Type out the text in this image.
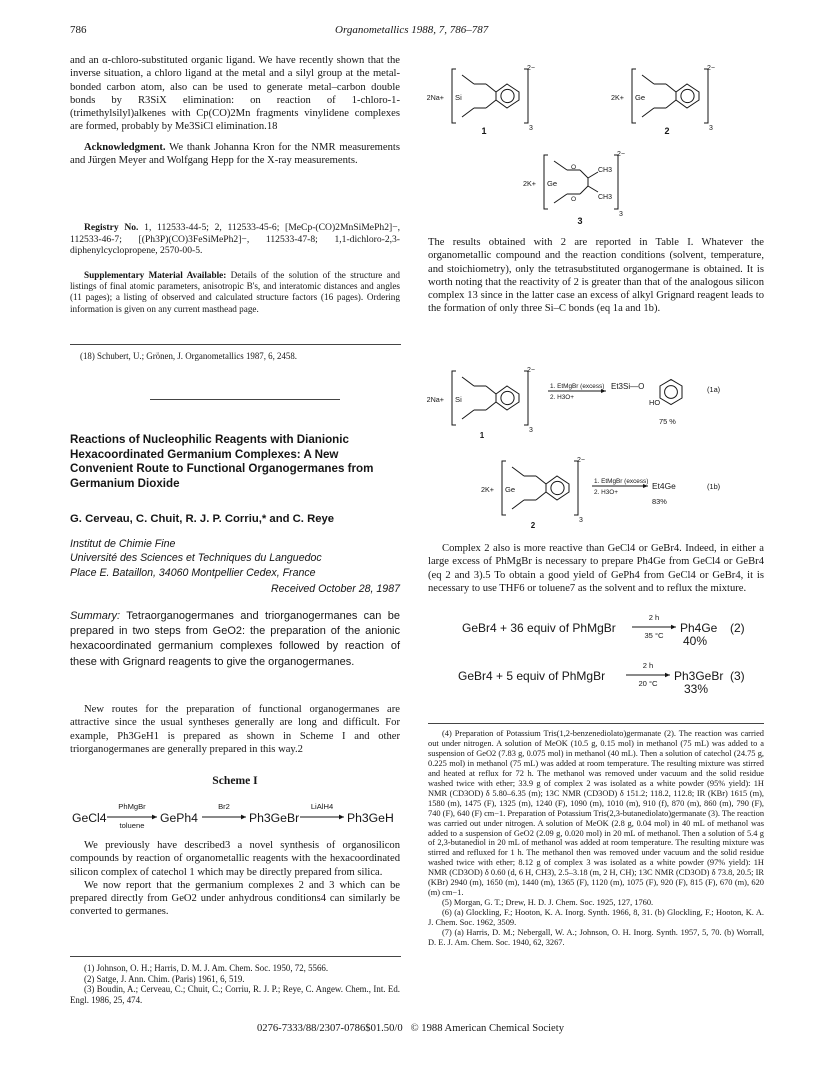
786	Organometallics 1988, 7, 786–787

and an α-chloro-substituted organic ligand. We have recently shown that the inverse situation, a chloro ligand at the metal and a silyl group at the metal-bonded carbon atom, also can be used to generate metal–carbon double bonds by R3SiX elimination: on reaction of 1-chloro-1-(trimethylsilyl)alkenes with Cp(CO)2Mn fragments vinylidene complexes are formed, probably by Me3SiCl elimination.18

Acknowledgment. We thank Johanna Kron for the NMR measurements and Jürgen Meyer and Wolfgang Hepp for the X-ray measurements.

Registry No. 1, 112533-44-5; 2, 112533-45-6; [MeCp-(CO)2MnSiMePh2]−, 112533-46-7; [(Ph3P)(CO)3FeSiMePh2]−, 112533-47-8; 1,1-dichloro-2,3-diphenylcyclopropene, 2570-00-5.

Supplementary Material Available: Details of the solution of the structure and listings of final atomic parameters, anisotropic B's, and interatomic distances and angles (11 pages); a listing of observed and calculated structure factors (16 pages). Ordering information is given on any current masthead page.

(18) Schubert, U.; Grönen, J. Organometallics 1987, 6, 2458.
Reactions of Nucleophilic Reagents with Dianionic Hexacoordinated Germanium Complexes: A New Convenient Route to Functional Organogermanes from Germanium Dioxide
G. Cerveau, C. Chuit, R. J. P. Corriu,* and C. Reye
Institut de Chimie Fine
Université des Sciences et Techniques du Languedoc
Place E. Bataillon, 34060 Montpellier Cedex, France
Received October 28, 1987
Summary: Tetraorganogermanes and triorganogermanes can be prepared in two steps from GeO2: the preparation of the anionic hexacoordinated germanium complexes followed by reaction of these with Grignard reagents to give the organogermanes.

New routes for the preparation of functional organogermanes are attractive since the usual syntheses generally are long and difficult. For example, Ph3GeH1 is prepared as shown in Scheme I and other triorganogermanes are generally prepared in this way.2

Scheme I
GeCl4
PhMgBr
toluene
GePh4
Br2
Ph3GeBr
LiAlH4
Ph3GeH

We previously have described3 a novel synthesis of organosilicon compounds by reaction of organometallic reagents with the hexacoordinated silicon complex of catechol 1 which may be directly prepared from silica.

We now report that the germanium complexes 2 and 3 which can be prepared directly from GeO2 under anhydrous conditions4 can similarly be converted to germanes.

(1) Johnson, O. H.; Harris, D. M. J. Am. Chem. Soc. 1950, 72, 5566.
(2) Satge, J. Ann. Chim. (Paris) 1961, 6, 519.
(3) Boudin, A.; Cerveau, C.; Chuit, C.; Corriu, R. J. P.; Reye, C. Angew. Chem., Int. Ed. Engl. 1986, 25, 474.
2Na+ Si
2−
3
1
2K+ Ge
2−
3
2
2K+ Ge
O
O
CH3
CH3
2−
3
3

The results obtained with 2 are reported in Table I. Whatever the organometallic compound and the reaction conditions (solvent, temperature, and stoichiometry), only the tetrasubstituted organogermane is obtained. It is worth noting that the reactivity of 2 is greater than that of the analogous silicon complex 13 since in the latter case an excess of alkyl Grignard reagent leads to the formation of only three Si–C bonds (eq 1a and 1b).

2Na+ Si
2−
3
1
1. EtMgBr (excess)
2. H3O+
Et3Si—O
HO
(1a)
75 %
2K+ Ge
2−
3
2
1. EtMgBr (excess)
2. H3O+
Et4Ge
83%
(1b)

Complex 2 also is more reactive than GeCl4 or GeBr4. Indeed, in either a large excess of PhMgBr is necessary to prepare Ph4Ge from GeCl4 or GeBr4 (eq 2 and 3).5 To obtain a good yield of GePh4 from GeCl4 or GeBr4, it is necessary to use THF6 or toluene7 as the solvent and to reflux the mixture.

GeBr4 + 36 equiv of PhMgBr
2 h
35 °C
Ph4Ge
40%
(2)
GeBr4 + 5 equiv of PhMgBr
2 h
20 °C
Ph3GeBr
33%
(3)
(4) Preparation of Potassium Tris(1,2-benzenediolato)germanate (2). The reaction was carried out under nitrogen. A solution of MeOK (10.5 g, 0.15 mol) in methanol (75 mL) was added to a suspension of GeO2 (7.83 g, 0.075 mol) in methanol (40 mL). Then a solution of catechol (24.75 g, 0.225 mol) in methanol (75 mL) was added at room temperature. The resulting mixture was stirred and heated at reflux for 72 h. The methanol was removed under vacuum and the solid residue washed twice with ether; 33.9 g of complex 2 was isolated as a white powder (95% yield): 1H NMR (CD3OD) δ 5.80–6.35 (m); 13C NMR (CD3OD) δ 151.2; 118.2, 112.8; IR (KBr) 1615 (m), 1580 (m), 1475 (F), 1325 (m), 1240 (F), 1090 (m), 1010 (m), 910 (f), 870 (m), 860 (m), 790 (F), 740 (F), 640 (F) cm−1. Preparation of Potassium Tris(2,3-butanediolato)germanate (3). The reaction was carried out under nitrogen. A solution of MeOK (2.8 g, 0.04 mol) in 40 mL of methanol was added to a suspension of GeO2 (2.09 g, 0.020 mol) in 20 mL of methanol. Then a solution of 5.4 g of 2,3-butanediol in 20 mL of methanol was added at room temperature. The resulting mixture was stirred and refluxed for 1 h. The methanol then was removed under vacuum and the solid residue washed twice with ether; 8.12 g of complex 3 was isolated as a white powder (97% yield): 1H NMR (CD3OD) δ 0.60 (d, 6 H, CH3), 2.5–3.18 (m, 2 H, CH); 13C NMR (CD3OD) δ 73.8, 20.5; IR (KBr) 2940 (m), 1650 (m), 1440 (m), 1365 (F), 1120 (m), 1075 (F), 920 (F), 815 (F), 670 (m), 620 (m) cm−1.
(5) Morgan, G. T.; Drew, H. D. J. Chem. Soc. 1925, 127, 1760.
(6) (a) Glockling, F.; Hooton, K. A. Inorg. Synth. 1966, 8, 31. (b) Glockling, F.; Hooton, K. A. J. Chem. Soc. 1962, 3509.
(7) (a) Harris, D. M.; Nebergall, W. A.; Johnson, O. H. Inorg. Synth. 1957, 5, 70. (b) Worrall, D. E. J. Am. Chem. Soc. 1940, 62, 3267.
0276-7333/88/2307-0786$01.50/0 © 1988 American Chemical Society
